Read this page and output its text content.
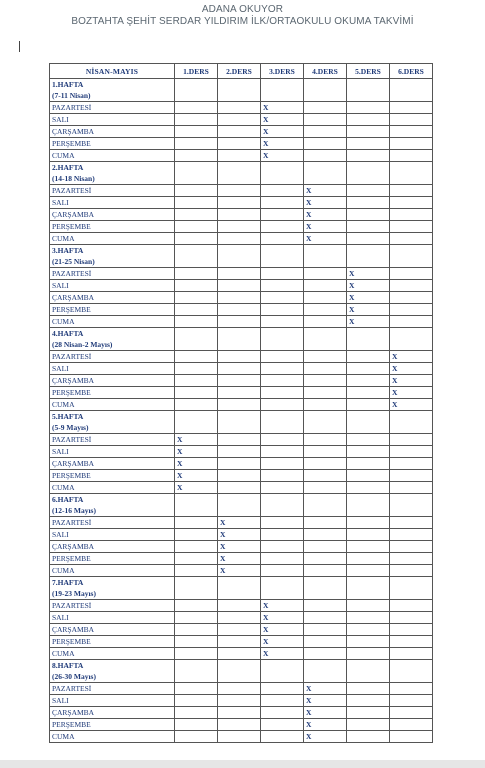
ADANA OKUYOR
BOZTAHTA ŞEHİT SERDAR YILDIRIM İLK/ORTAOKULU OKUMA TAKVİMİ
NİSAN-MAYIS	1.DERS	2.DERS	3.DERS	4.DERS	5.DERS	6.DERS

1.HAFTA
(7-11 Nisan)						

PAZARTESİ			X			
SALI			X			
ÇARŞAMBA			X			
PERŞEMBE			X			
CUMA			X			

2.HAFTA
(14-18 Nisan)						

PAZARTESİ				X		
SALI				X		
ÇARŞAMBA				X		
PERŞEMBE				X		
CUMA				X		

3.HAFTA
(21-25 Nisan)						

PAZARTESİ					X	
SALI					X	
ÇARŞAMBA					X	
PERŞEMBE					X	
CUMA					X	

4.HAFTA
(28 Nisan-2 Mayıs)						

PAZARTESİ						X
SALI						X
ÇARŞAMBA						X
PERŞEMBE						X
CUMA						X

5.HAFTA
(5-9 Mayıs)						

PAZARTESİ	X					
SALI	X					
ÇARŞAMBA	X					
PERŞEMBE	X					
CUMA	X					

6.HAFTA
(12-16 Mayıs)						

PAZARTESİ		X				
SALI		X				
ÇARŞAMBA		X				
PERŞEMBE		X				
CUMA		X				

7.HAFTA
(19-23 Mayıs)						

PAZARTESİ			X			
SALI			X			
ÇARŞAMBA			X			
PERŞEMBE			X			
CUMA			X			

8.HAFTA
(26-30 Mayıs)						

PAZARTESİ				X		
SALI				X		
ÇARŞAMBA				X		
PERŞEMBE				X		
CUMA				X		
